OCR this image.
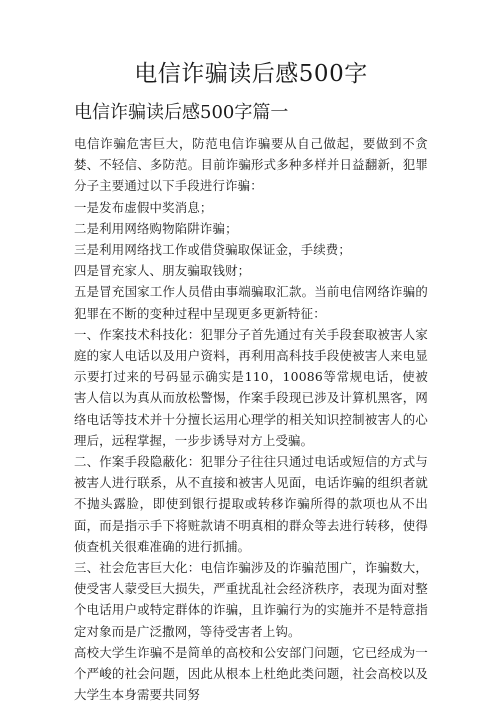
电信诈骗读后感500字
电信诈骗读后感500字篇一

电信诈骗危害巨大，防范电信诈骗要从自己做起，要做到不贪婪、不轻信、多防范。目前诈骗形式多种多样并日益翻新，犯罪分子主要通过以下手段进行诈骗：

一是发布虚假中奖消息；

二是利用网络购物陷阱诈骗；

三是利用网络找工作或借贷骗取保证金，手续费；

四是冒充家人、朋友骗取钱财；

五是冒充国家工作人员借由事端骗取汇款。当前电信网络诈骗的犯罪在不断的变种过程中呈现更多更新特征：

一、作案技术科技化：犯罪分子首先通过有关手段套取被害人家庭的家人电话以及用户资料，再利用高科技手段使被害人来电显示要打过来的号码显示确实是110，10086等常规电话，使被害人信以为真从而放松警惕，作案手段现已涉及计算机黑客，网络电话等技术并十分擅长运用心理学的相关知识控制被害人的心理后，远程掌握，一步步诱导对方上受骗。

二、作案手段隐蔽化：犯罪分子往往只通过电话或短信的方式与被害人进行联系，从不直接和被害人见面，电话诈骗的组织者就不抛头露脸，即使到银行提取或转移诈骗所得的款项也从不出面，而是指示手下将赃款请不明真相的群众等去进行转移，使得侦查机关很难准确的进行抓捕。

三、社会危害巨大化：电信诈骗涉及的诈骗范围广，诈骗数大，使受害人蒙受巨大损失，严重扰乱社会经济秩序，表现为面对整个电话用户或特定群体的诈骗，且诈骗行为的实施并不是特意指定对象而是广泛撒网，等待受害者上钩。

高校大学生诈骗不是简单的高校和公安部门问题，它已经成为一个严峻的社会问题，因此从根本上杜绝此类问题，社会高校以及大学生本身需要共同努
